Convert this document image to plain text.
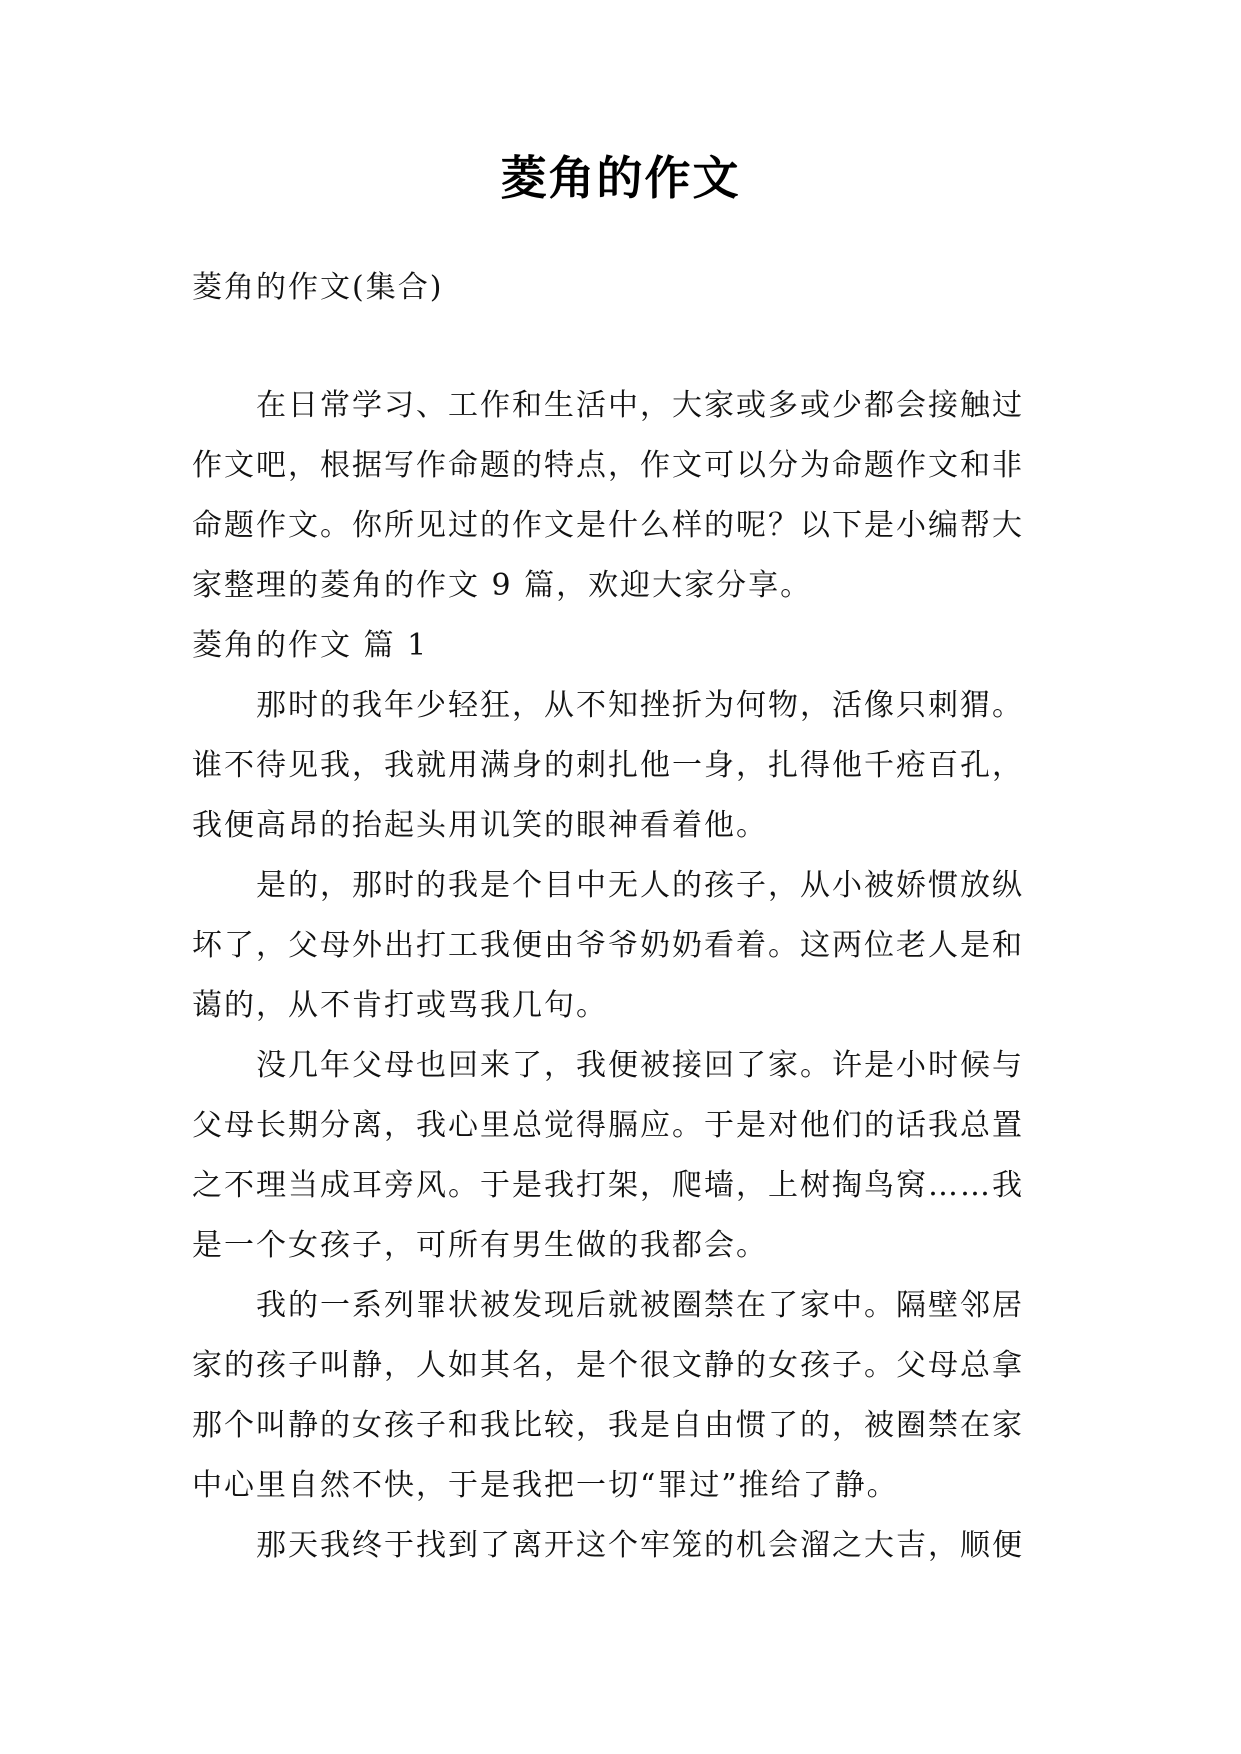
菱角的作文

菱角的作文(集合)

在日常学习、工作和生活中，大家或多或少都会接触过作文吧，根据写作命题的特点，作文可以分为命题作文和非命题作文。你所见过的作文是什么样的呢？以下是小编帮大家整理的菱角的作文 9 篇，欢迎大家分享。

菱角的作文 篇 1

那时的我年少轻狂，从不知挫折为何物，活像只刺猬。谁不待见我，我就用满身的刺扎他一身，扎得他千疮百孔，我便高昂的抬起头用讥笑的眼神看着他。

是的，那时的我是个目中无人的孩子，从小被娇惯放纵坏了，父母外出打工我便由爷爷奶奶看着。这两位老人是和蔼的，从不肯打或骂我几句。

没几年父母也回来了，我便被接回了家。许是小时候与父母长期分离，我心里总觉得膈应。于是对他们的话我总置之不理当成耳旁风。于是我打架，爬墙，上树掏鸟窝……我是一个女孩子，可所有男生做的我都会。

我的一系列罪状被发现后就被圈禁在了家中。隔壁邻居家的孩子叫静，人如其名，是个很文静的女孩子。父母总拿那个叫静的女孩子和我比较，我是自由惯了的，被圈禁在家中心里自然不快，于是我把一切“罪过”推给了静。

那天我终于找到了离开这个牢笼的机会溜之大吉，顺便
